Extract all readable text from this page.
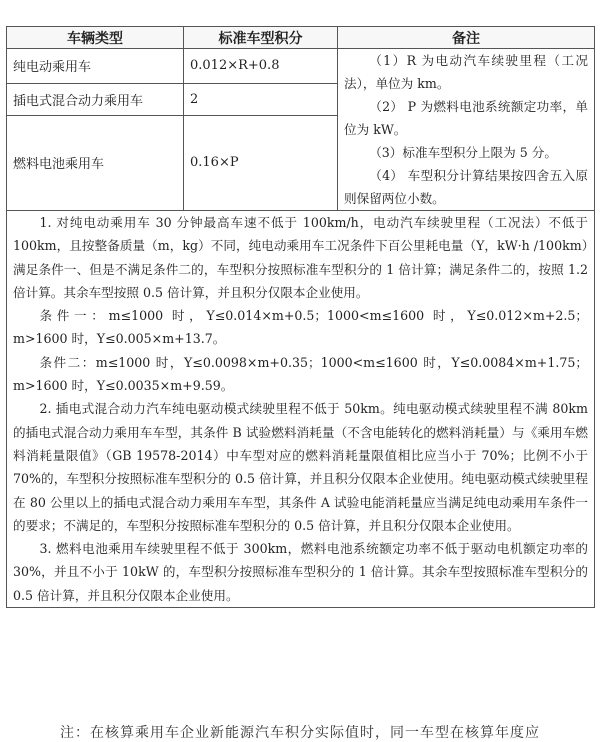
车辆类型	标准车型积分	备注
纯电动乘用车	0.012×R+0.8	（1）R 为电动汽车续驶里程（工况法），单位为 km。

（2） P 为燃料电池系统额定功率，单位为 kW。

（3）标准车型积分上限为 5 分。

（4） 车型积分计算结果按四舍五入原则保留两位小数。

插电式混合动力乘用车	2	
燃料电池乘用车	0.16×P	

1. 对纯电动乘用车 30 分钟最高车速不低于 100km/h，电动汽车续驶里程（工况法）不低于 100km，且按整备质量（m，kg）不同，纯电动乘用车工况条件下百公里耗电量（Y，kW·h /100km）满足条件一、但是不满足条件二的，车型积分按照标准车型积分的 1 倍计算；满足条件二的，按照 1.2 倍计算。其余车型按照 0.5 倍计算，并且积分仅限本企业使用。

条件一：m≤1000 时，Y≤0.014×m+0.5；1000<m≤1600 时，Y≤0.012×m+2.5；m>1600 时，Y≤0.005×m+13.7。

条件二：m≤1000 时，Y≤0.0098×m+0.35；1000<m≤1600 时，Y≤0.0084×m+1.75；m>1600 时，Y≤0.0035×m+9.59。

2. 插电式混合动力汽车纯电驱动模式续驶里程不低于 50km。纯电驱动模式续驶里程不满 80km 的插电式混合动力乘用车车型，其条件 B 试验燃料消耗量（不含电能转化的燃料消耗量）与《乘用车燃料消耗量限值》（GB 19578-2014）中车型对应的燃料消耗量限值相比应当小于 70%；比例不小于 70%的，车型积分按照标准车型积分的 0.5 倍计算，并且积分仅限本企业使用。纯电驱动模式续驶里程在 80 公里以上的插电式混合动力乘用车车型，其条件 A 试验电能消耗量应当满足纯电动乘用车条件一的要求；不满足的，车型积分按照标准车型积分的 0.5 倍计算，并且积分仅限本企业使用。

3. 燃料电池乘用车续驶里程不低于 300km，燃料电池系统额定功率不低于驱动电机额定功率的 30%，并且不小于 10kW 的，车型积分按照标准车型积分的 1 倍计算。其余车型按照标准车型积分的 0.5 倍计算，并且积分仅限本企业使用。		

注：在核算乘用车企业新能源汽车积分实际值时，同一车型在核算年度应
